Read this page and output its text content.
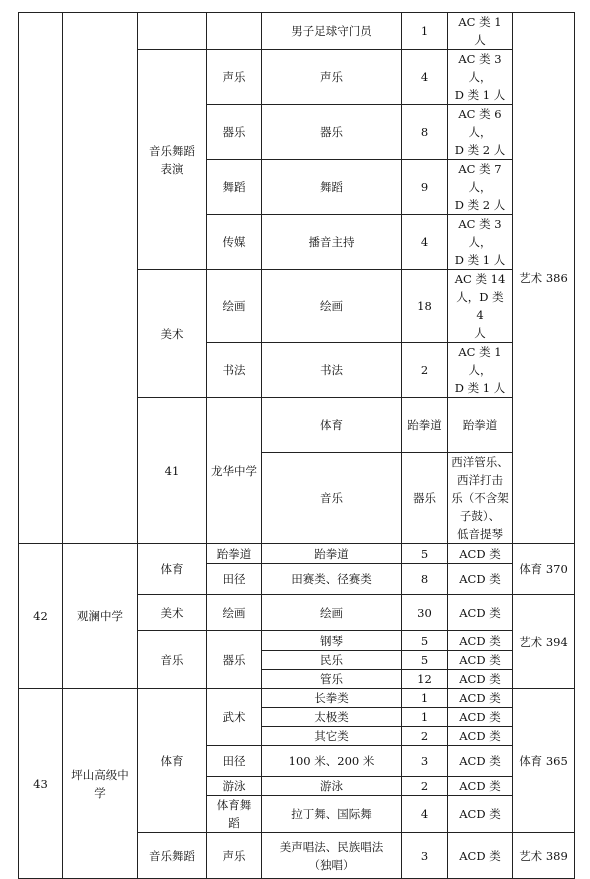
				男子足球守门员	1	AC 类 1 人	艺术 386	
		音乐舞蹈
表演	声乐	声乐	4	AC 类 3 人，
D 类 1 人		
			器乐	器乐	8	AC 类 6 人，
D 类 2 人		
			舞蹈	舞蹈	9	AC 类 7 人，
D 类 2 人		
			传媒	播音主持	4	AC 类 3 人，
D 类 1 人		
		美术	绘画	绘画	18	AC 类 14
人，D 类 4
人		
			书法	书法	2	AC 类 1 人，
D 类 1 人		
		41	龙华中学	体育	跆拳道	跆拳道			
				音乐	器乐	西洋管乐、西洋打击
乐（不含架子鼓）、
低音提琴			
42	观澜中学	体育	跆拳道	跆拳道	5	ACD 类	体育 370	
			田径	田赛类、径赛类	8	ACD 类		
		美术	绘画	绘画	30	ACD 类	艺术 394	
		音乐	器乐	钢琴	5	ACD 类		
				民乐	5	ACD 类		
				管乐	12	ACD 类		
43	坪山高级中
学	体育	武术	长拳类	1	ACD 类	体育 365	
				太极类	1	ACD 类		
				其它类	2	ACD 类		
			田径	100 米、200 米	3	ACD 类		
			游泳	游泳	2	ACD 类		
			体育舞
蹈	拉丁舞、国际舞	4	ACD 类		
		音乐舞蹈	声乐	美声唱法、民族唱法
（独唱）	3	ACD 类	艺术 389	
